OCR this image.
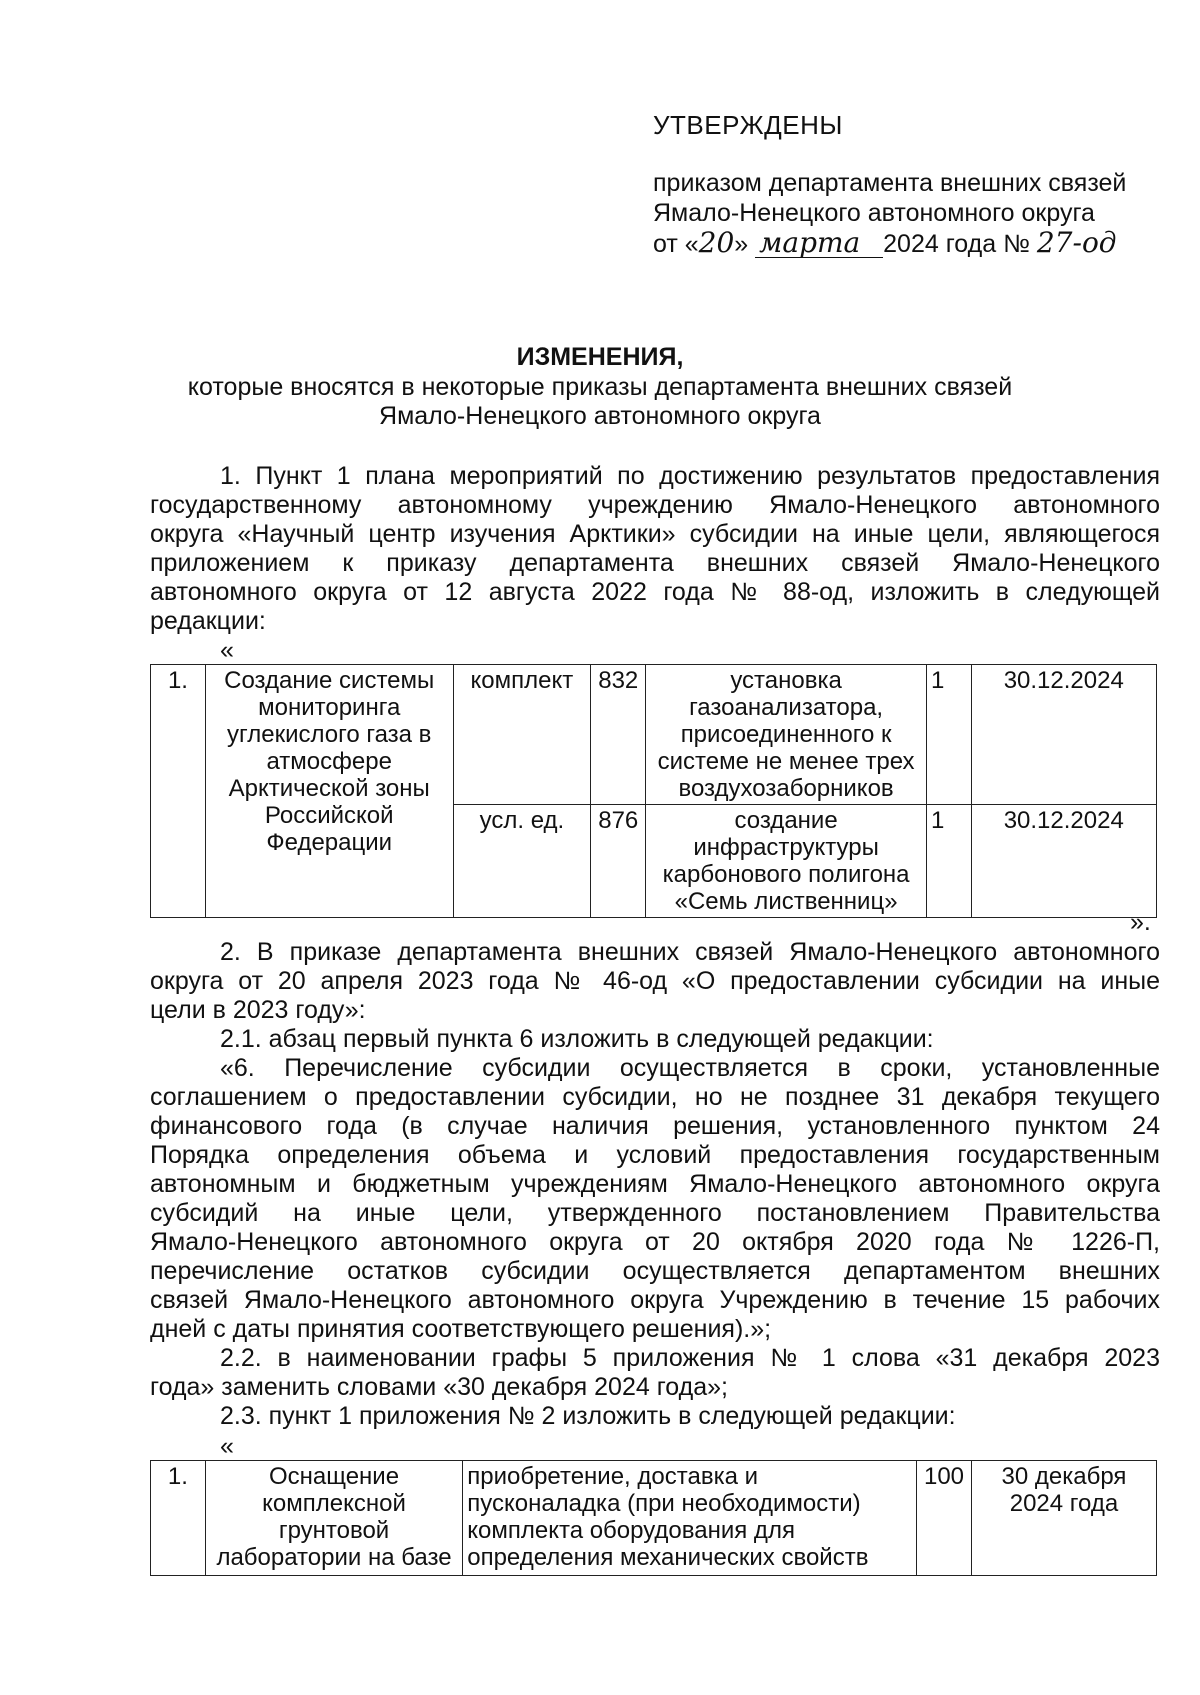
УТВЕРЖДЕНЫ
приказом департамента внешних связей
Ямало-Ненецкого автономного округа
от «20» марта 2024 года № 27-од
ИЗМЕНЕНИЯ,
которые вносятся в некоторые приказы департамента внешних связей
Ямало-Ненецкого автономного округа
1. Пункт 1 плана мероприятий по достижению результатов предоставления
государственному автономному учреждению Ямало-Ненецкого автономного
округа «Научный центр изучения Арктики» субсидии на иные цели, являющегося
приложением к приказу департамента внешних связей Ямало-Ненецкого
автономного округа от 12 августа 2022 года № 88-од, изложить в следующей
редакции:
«
1.	Создание системы мониторинга углекислого газа в атмосфере Арктической зоны Российской Федерации	комплект	832	установка газоанализатора, присоединенного к системе не менее трех воздухозаборников	1	30.12.2024
		усл. ед.	876	создание инфраструктуры карбонового полигона «Семь лиственниц»	1	30.12.2024
».
2. В приказе департамента внешних связей Ямало-Ненецкого автономного
округа от 20 апреля 2023 года № 46-од «О предоставлении субсидии на иные
цели в 2023 году»:
2.1. абзац первый пункта 6 изложить в следующей редакции:
«6. Перечисление субсидии осуществляется в сроки, установленные
соглашением о предоставлении субсидии, но не позднее 31 декабря текущего
финансового года (в случае наличия решения, установленного пунктом 24
Порядка определения объема и условий предоставления государственным
автономным и бюджетным учреждениям Ямало-Ненецкого автономного округа
субсидий на иные цели, утвержденного постановлением Правительства
Ямало-Ненецкого автономного округа от 20 октября 2020 года № 1226-П,
перечисление остатков субсидии осуществляется департаментом внешних
связей Ямало-Ненецкого автономного округа Учреждению в течение 15 рабочих
дней с даты принятия соответствующего решения).»;
2.2. в наименовании графы 5 приложения № 1 слова «31 декабря 2023
года» заменить словами «30 декабря 2024 года»;
2.3. пункт 1 приложения № 2 изложить в следующей редакции:
«
1.	Оснащение комплексной грунтовой лаборатории на базе	приобретение, доставка и пусконаладка (при необходимости) комплекта оборудования для определения механических свойств	100	30 декабря 2024 года
